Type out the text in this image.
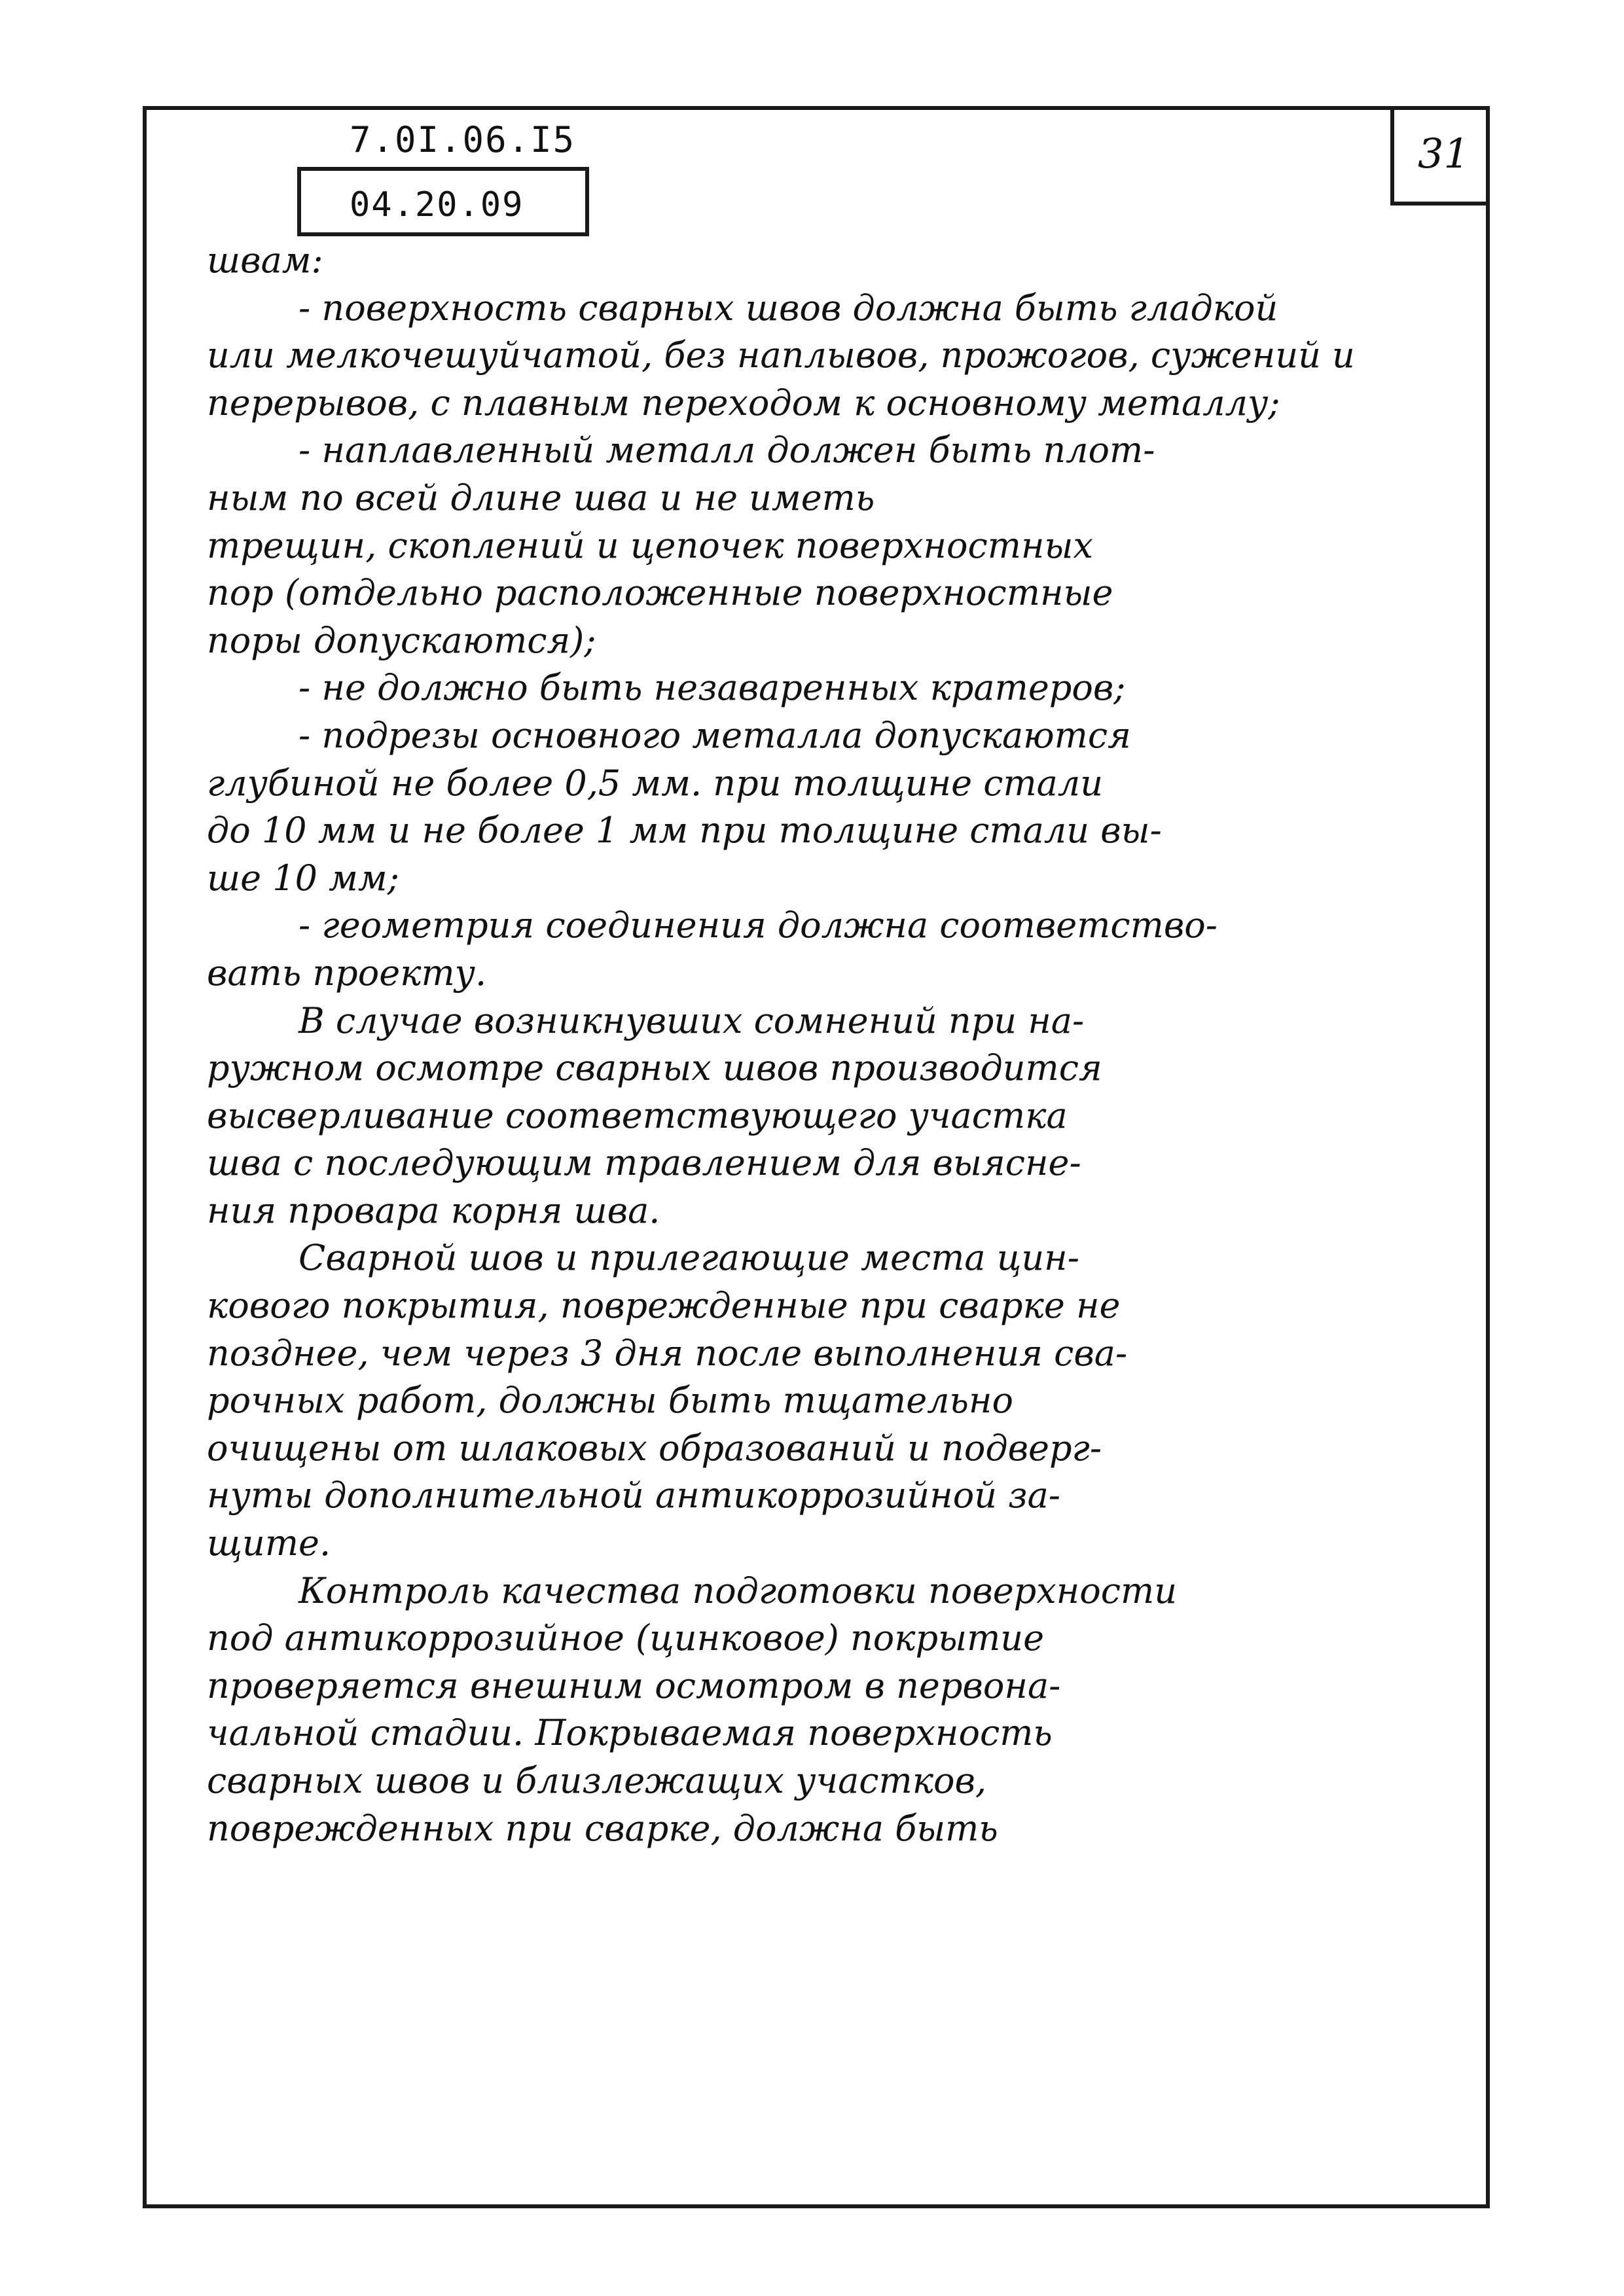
7.0I.06.I5
04.20.09
31
швам:
- поверхность сварных швов должна быть гладкой
или мелкочешуйчатой, без наплывов, прожогов, сужений и
перерывов, с плавным переходом к основному металлу;
- наплавленный металл должен быть плот-
ным по всей длине шва и не иметь
трещин, скоплений и цепочек поверхностных
пор (отдельно расположенные поверхностные
поры допускаются);
- не должно быть незаваренных кратеров;
- подрезы основного металла допускаются
глубиной не более 0,5 мм. при толщине стали
до 10 мм и не более 1 мм при толщине стали вы-
ше 10 мм;
- геометрия соединения должна соответство-
вать проекту.
В случае возникнувших сомнений при на-
ружном осмотре сварных швов производится
высверливание соответствующего участка
шва с последующим травлением для выясне-
ния провара корня шва.
Сварной шов и прилегающие места цин-
кового покрытия, поврежденные при сварке не
позднее, чем через 3 дня после выполнения сва-
рочных работ, должны быть тщательно
очищены от шлаковых образований и подверг-
нуты дополнительной антикоррозийной за-
щите.
Контроль качества подготовки поверхности
под антикоррозийное (цинковое) покрытие
проверяется внешним осмотром в первона-
чальной стадии. Покрываемая поверхность
сварных швов и близлежащих участков,
поврежденных при сварке, должна быть
